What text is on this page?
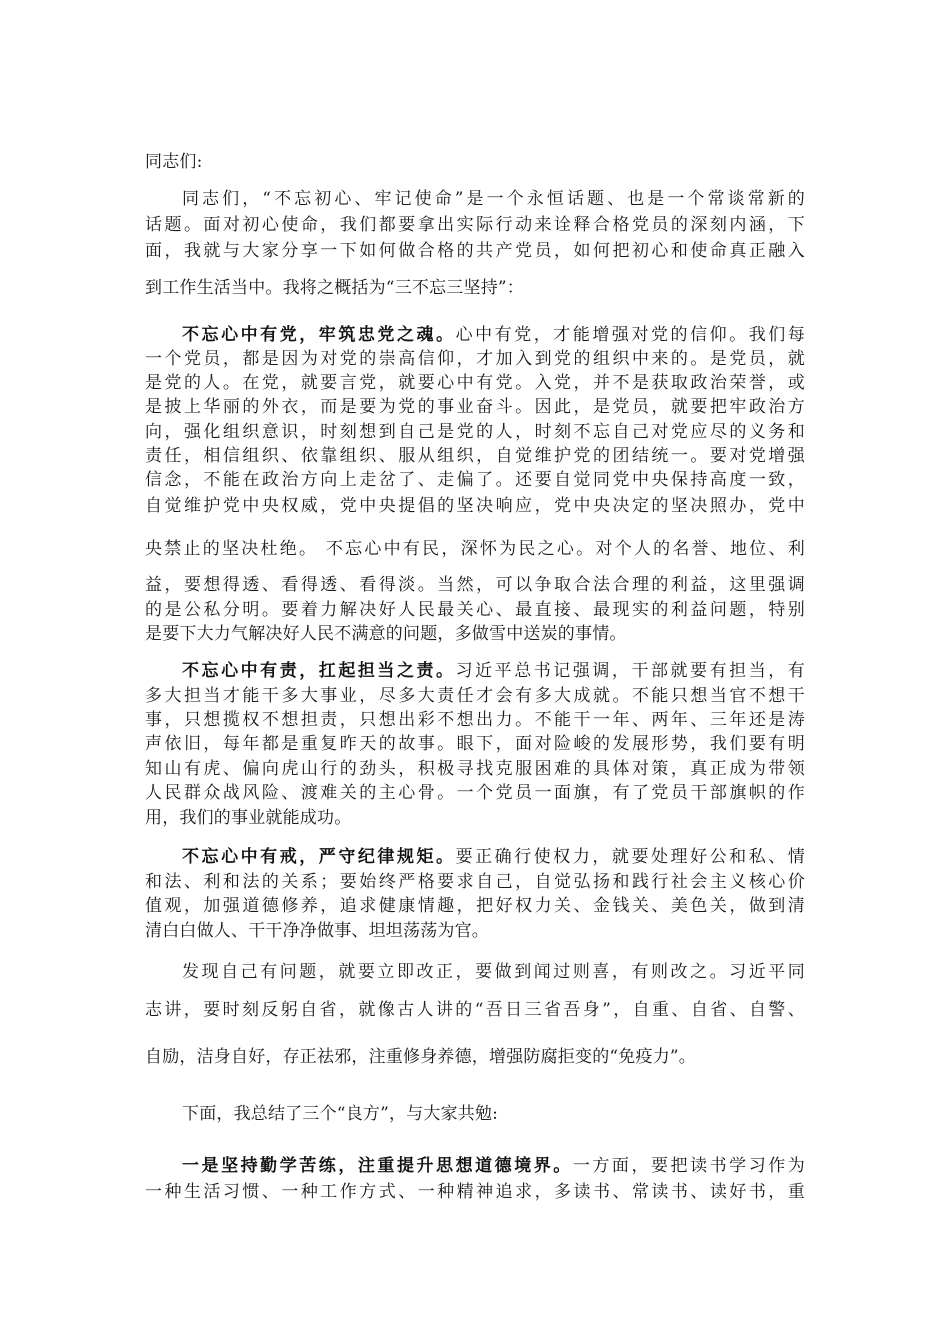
同志们:
同志们，“不忘初心、牢记使命”是一个永恒话题、也是一个常谈常新的
话题。面对初心使命，我们都要拿出实际行动来诠释合格党员的深刻内涵，下
面，我就与大家分享一下如何做合格的共产党员，如何把初心和使命真正融入
到工作生活当中。我将之概括为“三不忘三坚持”：
不忘心中有党，牢筑忠党之魂。心中有党，才能增强对党的信仰。我们每
一个党员，都是因为对党的崇高信仰，才加入到党的组织中来的。是党员，就
是党的人。在党，就要言党，就要心中有党。入党，并不是获取政治荣誉，或
是披上华丽的外衣，而是要为党的事业奋斗。因此，是党员，就要把牢政治方
向，强化组织意识，时刻想到自己是党的人，时刻不忘自己对党应尽的义务和
责任，相信组织、依靠组织、服从组织，自觉维护党的团结统一。要对党增强
信念，不能在政治方向上走岔了、走偏了。还要自觉同党中央保持高度一致，
自觉维护党中央权威，党中央提倡的坚决响应，党中央决定的坚决照办，党中
央禁止的坚决杜绝。 不忘心中有民，深怀为民之心。对个人的名誉、地位、利
益，要想得透、看得透、看得淡。当然，可以争取合法合理的利益，这里强调
的是公私分明。要着力解决好人民最关心、最直接、最现实的利益问题，特别
是要下大力气解决好人民不满意的问题，多做雪中送炭的事情。
不忘心中有责，扛起担当之责。习近平总书记强调，干部就要有担当，有
多大担当才能干多大事业，尽多大责任才会有多大成就。不能只想当官不想干
事，只想揽权不想担责，只想出彩不想出力。不能干一年、两年、三年还是涛
声依旧，每年都是重复昨天的故事。眼下，面对险峻的发展形势，我们要有明
知山有虎、偏向虎山行的劲头，积极寻找克服困难的具体对策，真正成为带领
人民群众战风险、渡难关的主心骨。一个党员一面旗，有了党员干部旗帜的作
用，我们的事业就能成功。
不忘心中有戒，严守纪律规矩。要正确行使权力，就要处理好公和私、情
和法、利和法的关系；要始终严格要求自己，自觉弘扬和践行社会主义核心价
值观，加强道德修养，追求健康情趣，把好权力关、金钱关、美色关，做到清
清白白做人、干干净净做事、坦坦荡荡为官。
发现自己有问题，就要立即改正，要做到闻过则喜，有则改之。习近平同
志讲，要时刻反躬自省，就像古人讲的“吾日三省吾身”，自重、自省、自警、
自励，洁身自好，存正祛邪，注重修身养德，增强防腐拒变的“免疫力”。
下面，我总结了三个“良方”，与大家共勉:
一是坚持勤学苦练，注重提升思想道德境界。一方面，要把读书学习作为
一种生活习惯、一种工作方式、一种精神追求，多读书、常读书、读好书，重
